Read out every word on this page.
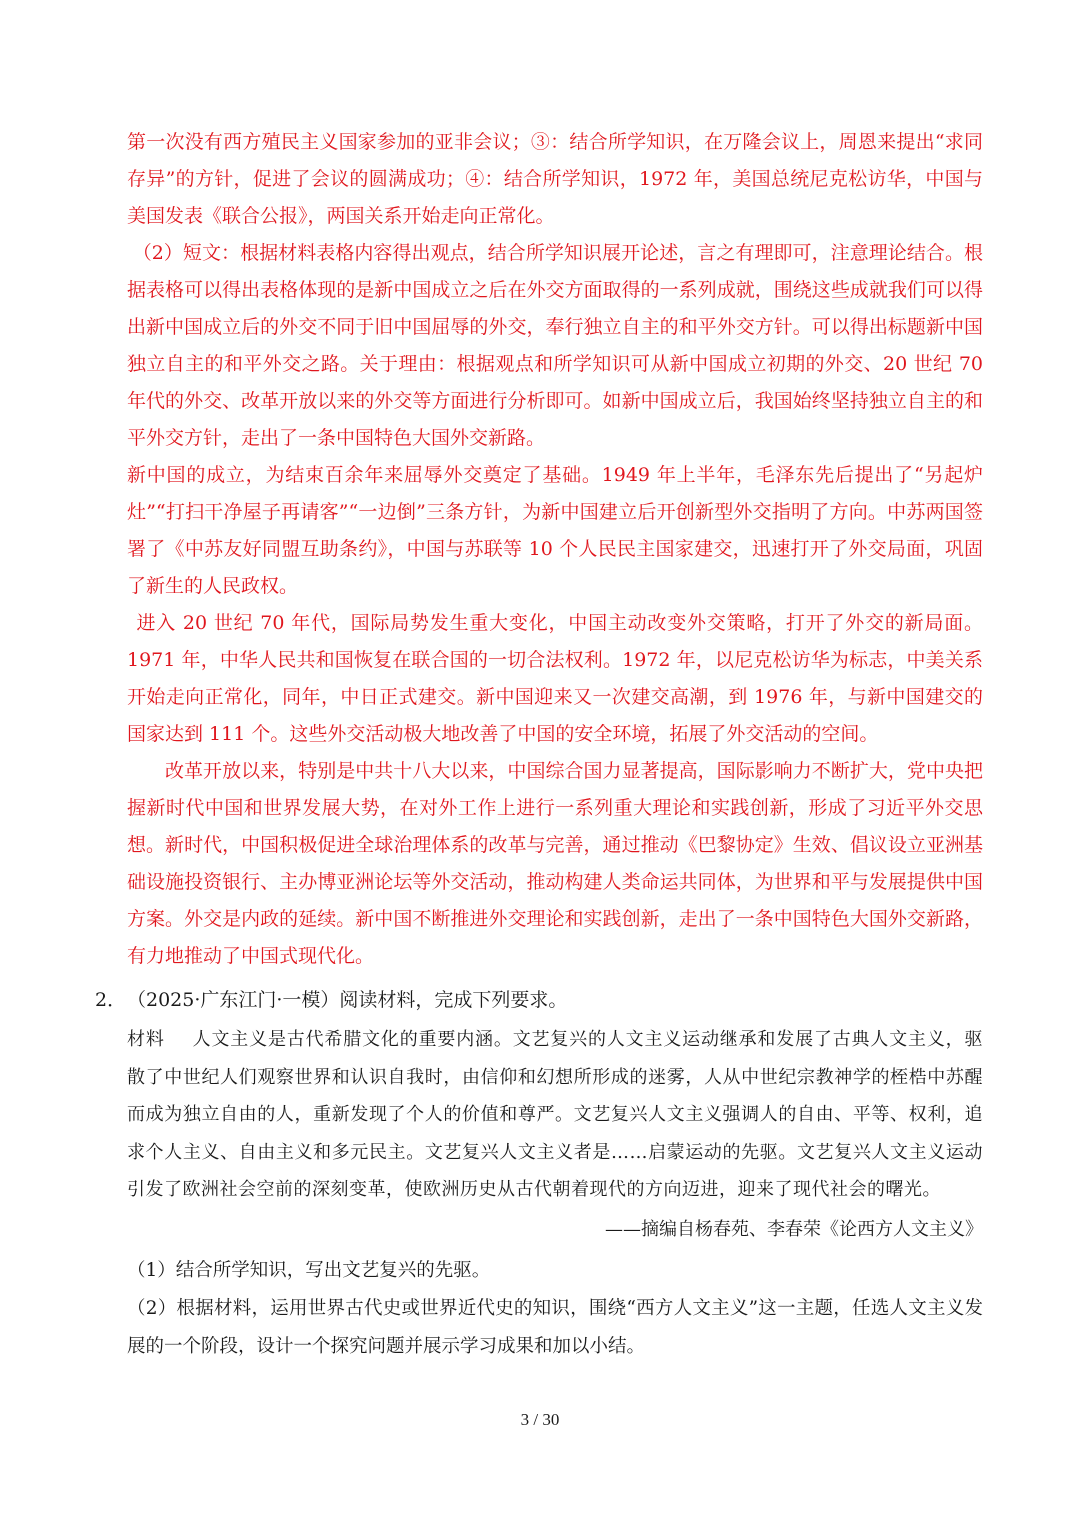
第一次没有西方殖民主义国家参加的亚非会议；③：结合所学知识，在万隆会议上，周恩来提出“求同存异”的方针，促进了会议的圆满成功；④：结合所学知识，1972 年，美国总统尼克松访华，中国与美国发表《联合公报》，两国关系开始走向正常化。

（2）短文：根据材料表格内容得出观点，结合所学知识展开论述，言之有理即可，注意理论结合。根据表格可以得出表格体现的是新中国成立之后在外交方面取得的一系列成就，围绕这些成就我们可以得出新中国成立后的外交不同于旧中国屈辱的外交，奉行独立自主的和平外交方针。可以得出标题新中国独立自主的和平外交之路。关于理由：根据观点和所学知识可从新中国成立初期的外交、20 世纪 70 年代的外交、改革开放以来的外交等方面进行分析即可。如新中国成立后，我国始终坚持独立自主的和平外交方针，走出了一条中国特色大国外交新路。

新中国的成立，为结束百余年来屈辱外交奠定了基础。1949 年上半年，毛泽东先后提出了“另起炉灶”“打扫干净屋子再请客”“一边倒”三条方针，为新中国建立后开创新型外交指明了方向。中苏两国签署了《中苏友好同盟互助条约》，中国与苏联等 10 个人民民主国家建交，迅速打开了外交局面，巩固了新生的人民政权。

进入 20 世纪 70 年代，国际局势发生重大变化，中国主动改变外交策略，打开了外交的新局面。1971 年，中华人民共和国恢复在联合国的一切合法权利。1972 年，以尼克松访华为标志，中美关系开始走向正常化，同年，中日正式建交。新中国迎来又一次建交高潮，到 1976 年，与新中国建交的国家达到 111 个。这些外交活动极大地改善了中国的安全环境，拓展了外交活动的空间。

改革开放以来，特别是中共十八大以来，中国综合国力显著提高，国际影响力不断扩大，党中央把握新时代中国和世界发展大势，在对外工作上进行一系列重大理论和实践创新，形成了习近平外交思想。新时代，中国积极促进全球治理体系的改革与完善，通过推动《巴黎协定》生效、倡议设立亚洲基础设施投资银行、主办博亚洲论坛等外交活动，推动构建人类命运共同体，为世界和平与发展提供中国方案。外交是内政的延续。新中国不断推进外交理论和实践创新，走出了一条中国特色大国外交新路，有力地推动了中国式现代化。

2．（2025·广东江门·一模）阅读材料，完成下列要求。

材料 人文主义是古代希腊文化的重要内涵。文艺复兴的人文主义运动继承和发展了古典人文主义，驱散了中世纪人们观察世界和认识自我时，由信仰和幻想所形成的迷雾，人从中世纪宗教神学的桎梏中苏醒而成为独立自由的人，重新发现了个人的价值和尊严。文艺复兴人文主义强调人的自由、平等、权利，追求个人主义、自由主义和多元民主。文艺复兴人文主义者是……启蒙运动的先驱。文艺复兴人文主义运动引发了欧洲社会空前的深刻变革，使欧洲历史从古代朝着现代的方向迈进，迎来了现代社会的曙光。

——摘编自杨春苑、李春荣《论西方人文主义》

（1）结合所学知识，写出文艺复兴的先驱。

（2）根据材料，运用世界古代史或世界近代史的知识，围绕“西方人文主义”这一主题，任选人文主义发展的一个阶段，设计一个探究问题并展示学习成果和加以小结。

3 / 30
